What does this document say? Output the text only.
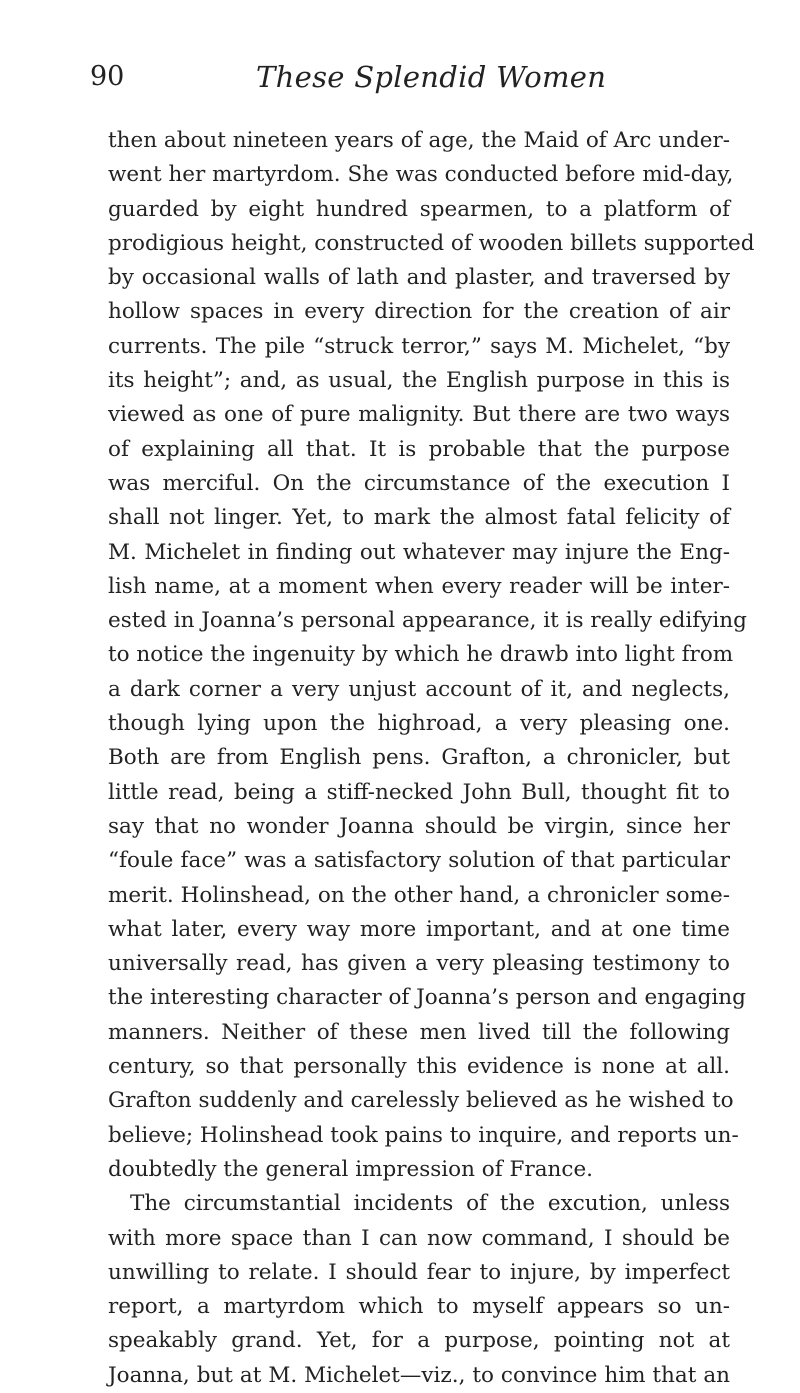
90	These Splendid Women
then about nineteen years of age, the Maid of Arc under-
went her martyrdom. She was conducted before mid-day,
guarded by eight hundred spearmen, to a platform of
prodigious height, constructed of wooden billets supported
by occasional walls of lath and plaster, and traversed by
hollow spaces in every direction for the creation of air
currents. The pile “struck terror,” says M. Michelet, “by
its height”; and, as usual, the English purpose in this is
viewed as one of pure malignity. But there are two ways
of explaining all that. It is probable that the purpose
was merciful. On the circumstance of the execution I
shall not linger. Yet, to mark the almost fatal felicity of
M. Michelet in finding out whatever may injure the Eng-
lish name, at a moment when every reader will be inter-
ested in Joanna’s personal appearance, it is really edifying
to notice the ingenuity by which he drawb into light from
a dark corner a very unjust account of it, and neglects,
though lying upon the highroad, a very pleasing one.
Both are from English pens. Grafton, a chronicler, but
little read, being a stiff-necked John Bull, thought fit to
say that no wonder Joanna should be virgin, since her
“foule face” was a satisfactory solution of that particular
merit. Holinshead, on the other hand, a chronicler some-
what later, every way more important, and at one time
universally read, has given a very pleasing testimony to
the interesting character of Joanna’s person and engaging
manners. Neither of these men lived till the following
century, so that personally this evidence is none at all.
Grafton suddenly and carelessly believed as he wished to
believe; Holinshead took pains to inquire, and reports un-
doubtedly the general impression of France.
The circumstantial incidents of the excution, unless
with more space than I can now command, I should be
unwilling to relate. I should fear to injure, by imperfect
report, a martyrdom which to myself appears so un-
speakably grand. Yet, for a purpose, pointing not at
Joanna, but at M. Michelet—viz., to convince him that an
